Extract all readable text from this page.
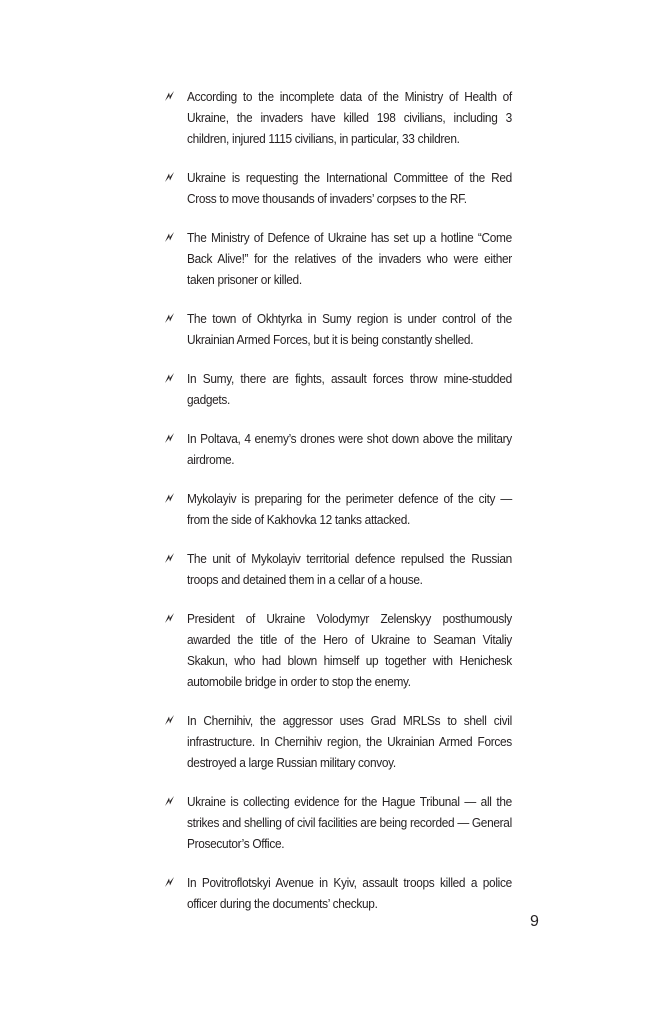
According to the incomplete data of the Ministry of Health of Ukraine, the invaders have killed 198 civilians, including 3 children, injured 1115 civilians, in particular, 33 children.
Ukraine is requesting the International Committee of the Red Cross to move thousands of invaders’ corpses to the RF.
The Ministry of Defence of Ukraine has set up a hotline “Come Back Alive!” for the relatives of the invaders who were either taken prisoner or killed.
The town of Okhtyrka in Sumy region is under control of the Ukrainian Armed Forces, but it is being constantly shelled.
In Sumy, there are fights, assault forces throw mine-studded gadgets.
In Poltava, 4 enemy’s drones were shot down above the military airdrome.
Mykolayiv is preparing for the perimeter defence of the city — from the side of Kakhovka 12 tanks attacked.
The unit of Mykolayiv territorial defence repulsed the Russian troops and detained them in a cellar of a house.
President of Ukraine Volodymyr Zelenskyy posthumously awarded the title of the Hero of Ukraine to Seaman Vitaliy Skakun, who had blown himself up together with Henichesk automobile bridge in order to stop the enemy.
In Chernihiv, the aggressor uses Grad MRLSs to shell civil infrastructure. In Chernihiv region, the Ukrainian Armed Forces destroyed a large Russian military convoy.
Ukraine is collecting evidence for the Hague Tribunal — all the strikes and shelling of civil facilities are being recorded — General Prosecutor’s Office.
In Povitroflotskyi Avenue in Kyiv, assault troops killed a police officer during the documents’ checkup.
9
